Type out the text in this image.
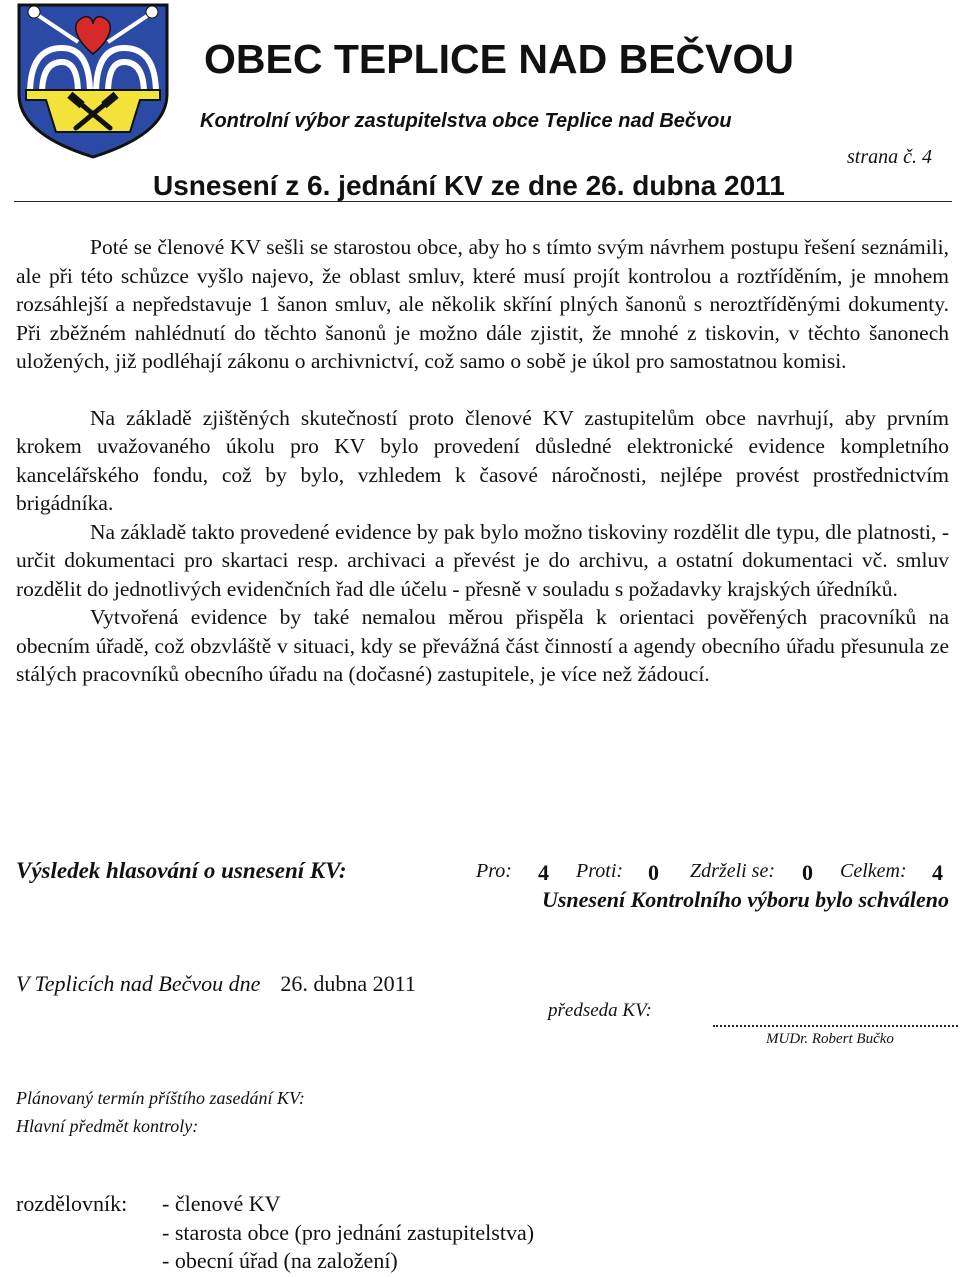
OBEC TEPLICE NAD BEČVOU
Kontrolní výbor zastupitelstva obce Teplice nad Bečvou
strana č. 4
Usnesení z 6. jednání KV ze dne 26. dubna 2011

Poté se členové KV sešli se starostou obce, aby ho s tímto svým návrhem postupu řešení seznámili, ale při této schůzce vyšlo najevo, že oblast smluv, které musí projít kontrolou a roztříděním, je mnohem rozsáhlejší a nepředstavuje 1 šanon smluv, ale několik skříní plných šanonů s neroztříděnými dokumenty. Při zběžném nahlédnutí do těchto šanonů je možno dále zjistit, že mnohé z tiskovin, v těchto šanonech uložených, již podléhají zákonu o archivnictví, což samo o sobě je úkol pro samostatnou komisi.

Na základě zjištěných skutečností proto členové KV zastupitelům obce navrhují, aby prvním krokem uvažovaného úkolu pro KV bylo provedení důsledné elektronické evidence kompletního kancelářského fondu, což by bylo, vzhledem k časové náročnosti, nejlépe provést prostřednictvím brigádníka.

Na základě takto provedené evidence by pak bylo možno tiskoviny rozdělit dle typu, dle platnosti, - určit dokumentaci pro skartaci resp. archivaci a převést je do archivu, a ostatní dokumentaci vč. smluv rozdělit do jednotlivých evidenčních řad dle účelu - přesně v souladu s požadavky krajských úředníků.

Vytvořená evidence by také nemalou měrou přispěla k orientaci pověřených pracovníků na obecním úřadě, což obzvláště v situaci, kdy se převážná část činností a agendy obecního úřadu přesunula ze stálých pracovníků obecního úřadu na (dočasné) zastupitele, je více než žádoucí.

Výsledek hlasování o usnesení KV:	Pro: 4 Proti: 0 Zdrželi se: 0 Celkem: 4
Usnesení Kontrolního výboru bylo schváleno
V Teplicích nad Bečvou dne 26. dubna 2011
předseda KV:
MUDr. Robert Bučko
Plánovaný termín příštího zasedání KV:
Hlavní předmět kontroly:
rozdělovník: - členové KV
- starosta obce (pro jednání zastupitelstva)
- obecní úřad (na založení)
